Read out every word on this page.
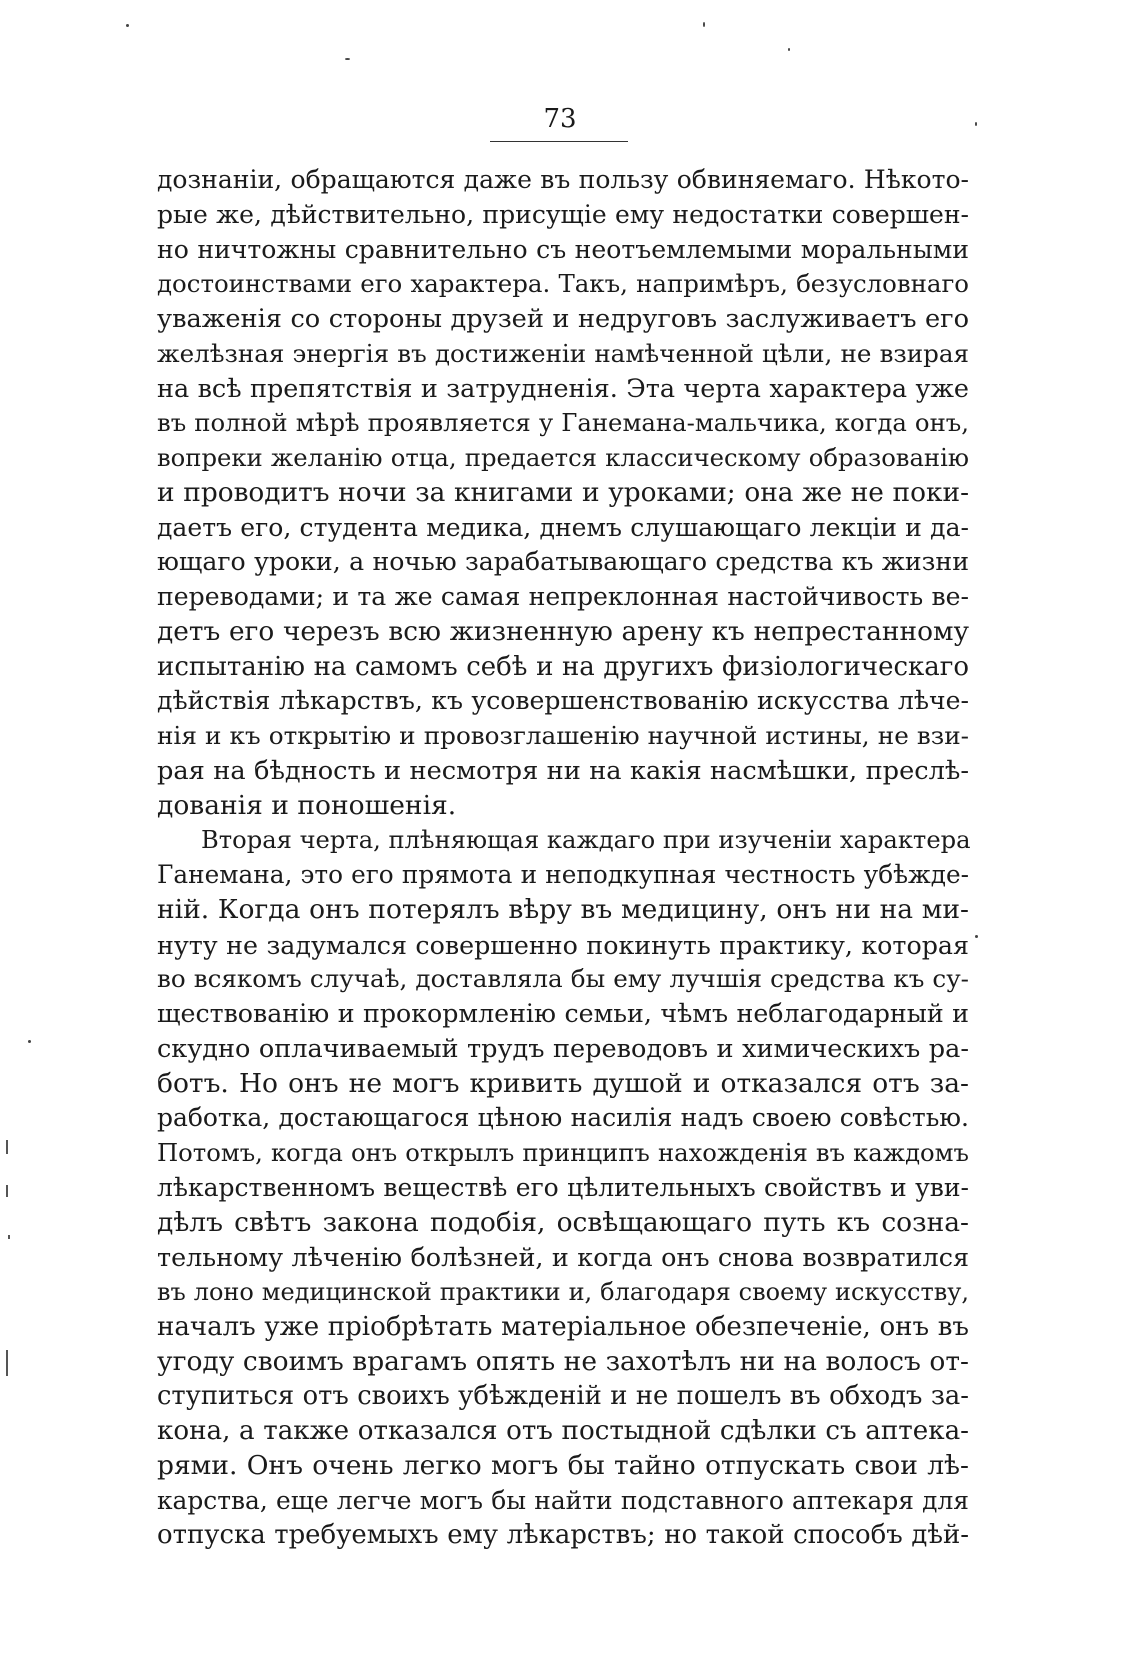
73
дознанiи, обращаются даже въ пользу обвиняемаго. Нѣкото-
рые же, дѣйствительно, присущiе ему недостатки совершен-
но ничтожны сравнительно съ неотъемлемыми моральными
достоинствами его характера. Такъ, напримѣръ, безусловнаго
уваженiя со стороны друзей и недруговъ заслуживаетъ его
желѣзная энергiя въ достиженiи намѣченной цѣли, не взирая
на всѣ препятствiя и затрудненiя. Эта черта характера уже
въ полной мѣрѣ проявляется у Ганемана-мальчика, когда онъ,
вопреки желанiю отца, предается классическому образованiю
и проводитъ ночи за книгами и уроками; она же не поки-
даетъ его, студента медика, днемъ слушающаго лекцiи и да-
ющаго уроки, а ночью зарабатывающаго средства къ жизни
переводами; и та же самая непреклонная настойчивость ве-
детъ его черезъ всю жизненную арену къ непрестанному
испытанiю на самомъ себѣ и на другихъ физiологическаго
дѣйствiя лѣкарствъ, къ усовершенствованiю искусства лѣче-
нiя и къ открытiю и провозглашенiю научной истины, не взи-
рая на бѣдность и несмотря ни на какiя насмѣшки, преслѣ-
дованiя и поношенiя.
Вторая черта, плѣняющая каждаго при изученiи характера
Ганемана, это его прямота и неподкупная честность убѣжде-
нiй. Когда онъ потерялъ вѣру въ медицину, онъ ни на ми-
нуту не задумался совершенно покинуть практику, которая
во всякомъ случаѣ, доставляла бы ему лучшiя средства къ су-
ществованiю и прокормленiю семьи, чѣмъ неблагодарный и
скудно оплачиваемый трудъ переводовъ и химическихъ ра-
ботъ. Но онъ не могъ кривить душой и отказался отъ за-
работка, достающагося цѣною насилiя надъ своею совѣстью.
Потомъ, когда онъ открылъ принципъ нахожденiя въ каждомъ
лѣкарственномъ веществѣ его цѣлительныхъ свойствъ и уви-
дѣлъ свѣтъ закона подобiя, освѣщающаго путь къ созна-
тельному лѣченiю болѣзней, и когда онъ снова возвратился
въ лоно медицинской практики и, благодаря своему искусству,
началъ уже прiобрѣтать матерiальное обезпеченiе, онъ въ
угоду своимъ врагамъ опять не захотѣлъ ни на волосъ от-
ступиться отъ своихъ убѣжденiй и не пошелъ въ обходъ за-
кона, а также отказался отъ постыдной сдѣлки съ аптека-
рями. Онъ очень легко могъ бы тайно отпускать свои лѣ-
карства, еще легче могъ бы найти подставного аптекаря для
отпуска требуемыхъ ему лѣкарствъ; но такой способъ дѣй-
